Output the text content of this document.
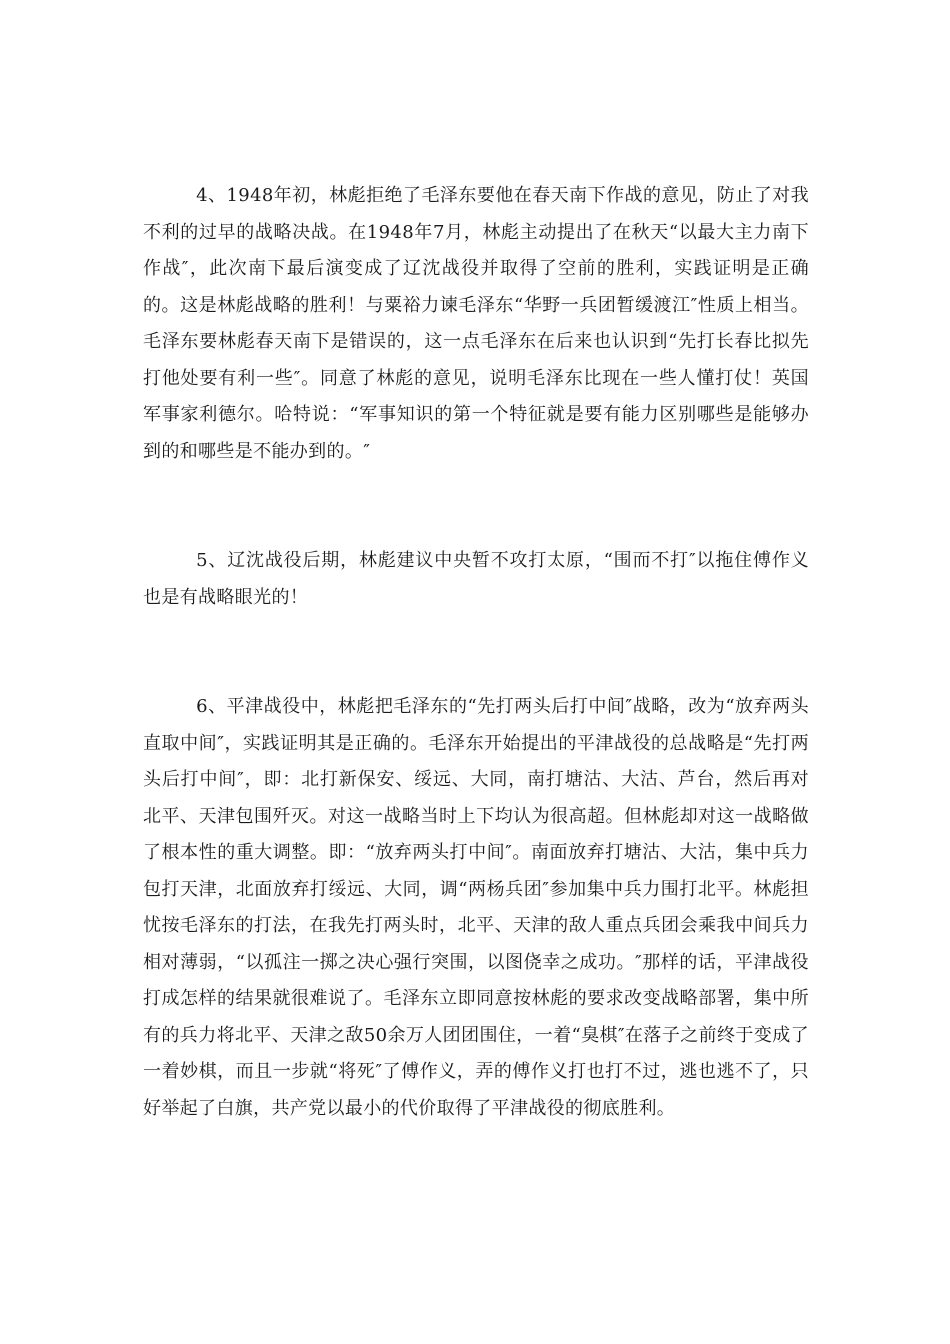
4、1948年初，林彪拒绝了毛泽东要他在春天南下作战的意见，防止了对我不利的过早的战略决战。在1948年7月，林彪主动提出了在秋天“以最大主力南下作战″，此次南下最后演变成了辽沈战役并取得了空前的胜利，实践证明是正确的。这是林彪战略的胜利！与粟裕力谏毛泽东“华野一兵团暂缓渡江″性质上相当。毛泽东要林彪春天南下是错误的，这一点毛泽东在后来也认识到“先打长春比拟先打他处要有利一些″。同意了林彪的意见，说明毛泽东比现在一些人懂打仗！英国军事家利德尔。哈特说：“军事知识的第一个特征就是要有能力区别哪些是能够办到的和哪些是不能办到的。″

5、辽沈战役后期，林彪建议中央暂不攻打太原，“围而不打″以拖住傅作义也是有战略眼光的！

6、平津战役中，林彪把毛泽东的“先打两头后打中间″战略，改为“放弃两头直取中间″，实践证明其是正确的。毛泽东开始提出的平津战役的总战略是“先打两头后打中间″，即：北打新保安、绥远、大同，南打塘沽、大沽、芦台，然后再对北平、天津包围歼灭。对这一战略当时上下均认为很高超。但林彪却对这一战略做了根本性的重大调整。即：“放弃两头打中间″。南面放弃打塘沽、大沽，集中兵力包打天津，北面放弃打绥远、大同，调“两杨兵团″参加集中兵力围打北平。林彪担忧按毛泽东的打法，在我先打两头时，北平、天津的敌人重点兵团会乘我中间兵力相对薄弱，“以孤注一掷之决心强行突围，以图侥幸之成功。″那样的话，平津战役打成怎样的结果就很难说了。毛泽东立即同意按林彪的要求改变战略部署，集中所有的兵力将北平、天津之敌50余万人团团围住，一着“臭棋″在落子之前终于变成了一着妙棋，而且一步就“将死″了傅作义，弄的傅作义打也打不过，逃也逃不了，只好举起了白旗，共产党以最小的代价取得了平津战役的彻底胜利。
